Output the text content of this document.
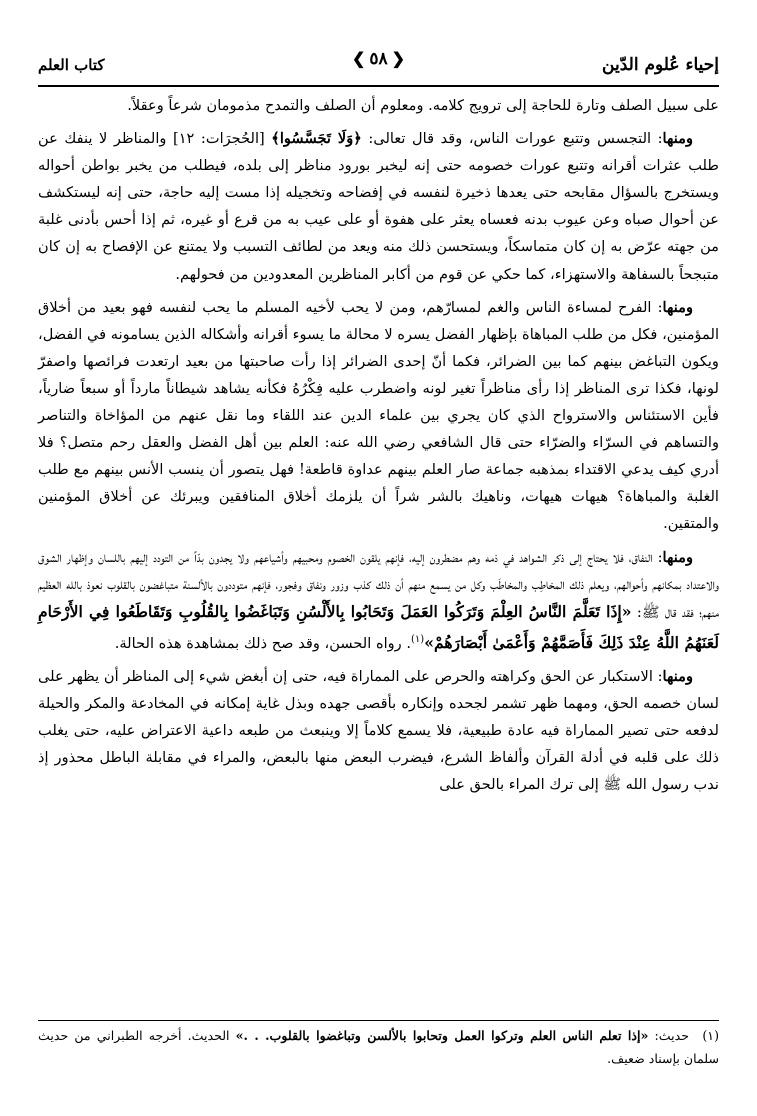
إحياء عُلوم الدّين
❮
٥٨
❯
كتاب العلم

على سبيل الصلف وتارة للحاجة إلى ترويج كلامه. ومعلوم أن الصلف والتمدح مذمومان شرعاً وعقلاً.

ومنها: التجسس وتتبع عورات الناس، وقد قال تعالى: ﴿وَلَا تَجَسَّسُوا﴾ [الحُجرَات: ١٢] والمناظر لا ينفك عن طلب عثرات أقرانه وتتبع عورات خصومه حتى إنه ليخبر بورود مناظر إلى بلده، فيطلب من يخبر بواطن أحواله ويستخرج بالسؤال مقابحه حتى يعدها ذخيرة لنفسه في إفضاحه وتخجيله إذا مست إليه حاجة، حتى إنه ليستكشف عن أحوال صباه وعن عيوب بدنه فعساه يعثر على هفوة أو على عيب به من قرع أو غيره، ثم إذا أحس بأدنى غلبة من جهته عرّض به إن كان متماسكاً، ويستحسن ذلك منه ويعد من لطائف التسبب ولا يمتنع عن الإفصاح به إن كان متبجحاً بالسفاهة والاستهزاء، كما حكي عن قوم من أكابر المناظرين المعدودين من فحولهم.

ومنها: الفرح لمساءة الناس والغم لمسارّهم، ومن لا يحب لأخيه المسلم ما يحب لنفسه فهو بعيد من أخلاق المؤمنين، فكل من طلب المباهاة بإظهار الفضل يسره لا محالة ما يسوء أقرانه وأشكاله الذين يسامونه في الفضل، ويكون التباغض بينهم كما بين الضرائر، فكما أنّ إحدى الضرائر إذا رأت صاحبتها من بعيد ارتعدت فرائصها واصفرّ لونها، فكذا ترى المناظر إذا رأى مناظراً تغير لونه واضطرب عليه فِكْرُهُ فكأنه يشاهد شيطاناً مارداً أو سبعاً ضارياً، فأين الاستئناس والاسترواح الذي كان يجري بين علماء الدين عند اللقاء وما نقل عنهم من المؤاخاة والتناصر والتساهم في السرّاء والضرّاء حتى قال الشافعي رضي الله عنه: العلم بين أهل الفضل والعقل رحم متصل؟ فلا أدري كيف يدعي الاقتداء بمذهبه جماعة صار العلم بينهم عداوة قاطعة! فهل يتصور أن ينسب الأنس بينهم مع طلب الغلبة والمباهاة؟ هيهات هيهات، وناهيك بالشر شراً أن يلزمك أخلاق المنافقين ويبرئك عن أخلاق المؤمنين والمتقين.

ومنها: النفاق، فلا يحتاج إلى ذكر الشواهد في ذمه وهم مضطرون إليه، فإنهم يلقون الخصوم ومحبيهم وأشياعهم ولا يجدون بدّاً من التودد إليهم باللسان وإظهار الشوق والاعتداد بمكانهم وأحوالهم، ويعلم ذلك المخاطِب والمخاطَب وكل من يسمع منهم أن ذلك كذب وزور ونفاق وفجور، فإنهم متوددون بالألسنة متباغضون بالقلوب نعوذ بالله العظيم منهم؛ فقد قال ﷺ: «إِذَا تَعَلَّمَ النَّاسُ العِلْمَ وَتَرَكُوا العَمَلَ وَتَحَابُوا بِالأَلْسُنِ وَتَبَاغَضُوا بِالقُلُوبِ وَتَقَاطَعُوا فِي الأَرْحَامِ لَعَنَهُمُ اللَّهُ عِنْدَ ذَلِكَ فَأَصَمَّهُمْ وَأَعْمَىٰ أَبْصَارَهُمْ»$^{(١)}$. رواه الحسن، وقد صح ذلك بمشاهدة هذه الحالة.

ومنها: الاستكبار عن الحق وكراهته والحرص على المماراة فيه، حتى إن أبغض شيء إلى المناظر أن يظهر على لسان خصمه الحق، ومهما ظهر تشمر لجحده وإنكاره بأقصى جهده وبذل غاية إمكانه في المخادعة والمكر والحيلة لدفعه حتى تصير المماراة فيه عادة طبيعية، فلا يسمع كلاماً إلا وينبعث من طبعه داعية الاعتراض عليه، حتى يغلب ذلك على قلبه في أدلة القرآن وألفاظ الشرع، فيضرب البعض منها بالبعض، والمراء في مقابلة الباطل محذور إذ ندب رسول الله ﷺ إلى ترك المراء بالحق على

(١)حديث: «إذا تعلم الناس العلم وتركوا العمل وتحابوا بالألسن وتباغضوا بالقلوب. . .» الحديث. أخرجه الطبراني من حديث سلمان بإسناد ضعيف.
